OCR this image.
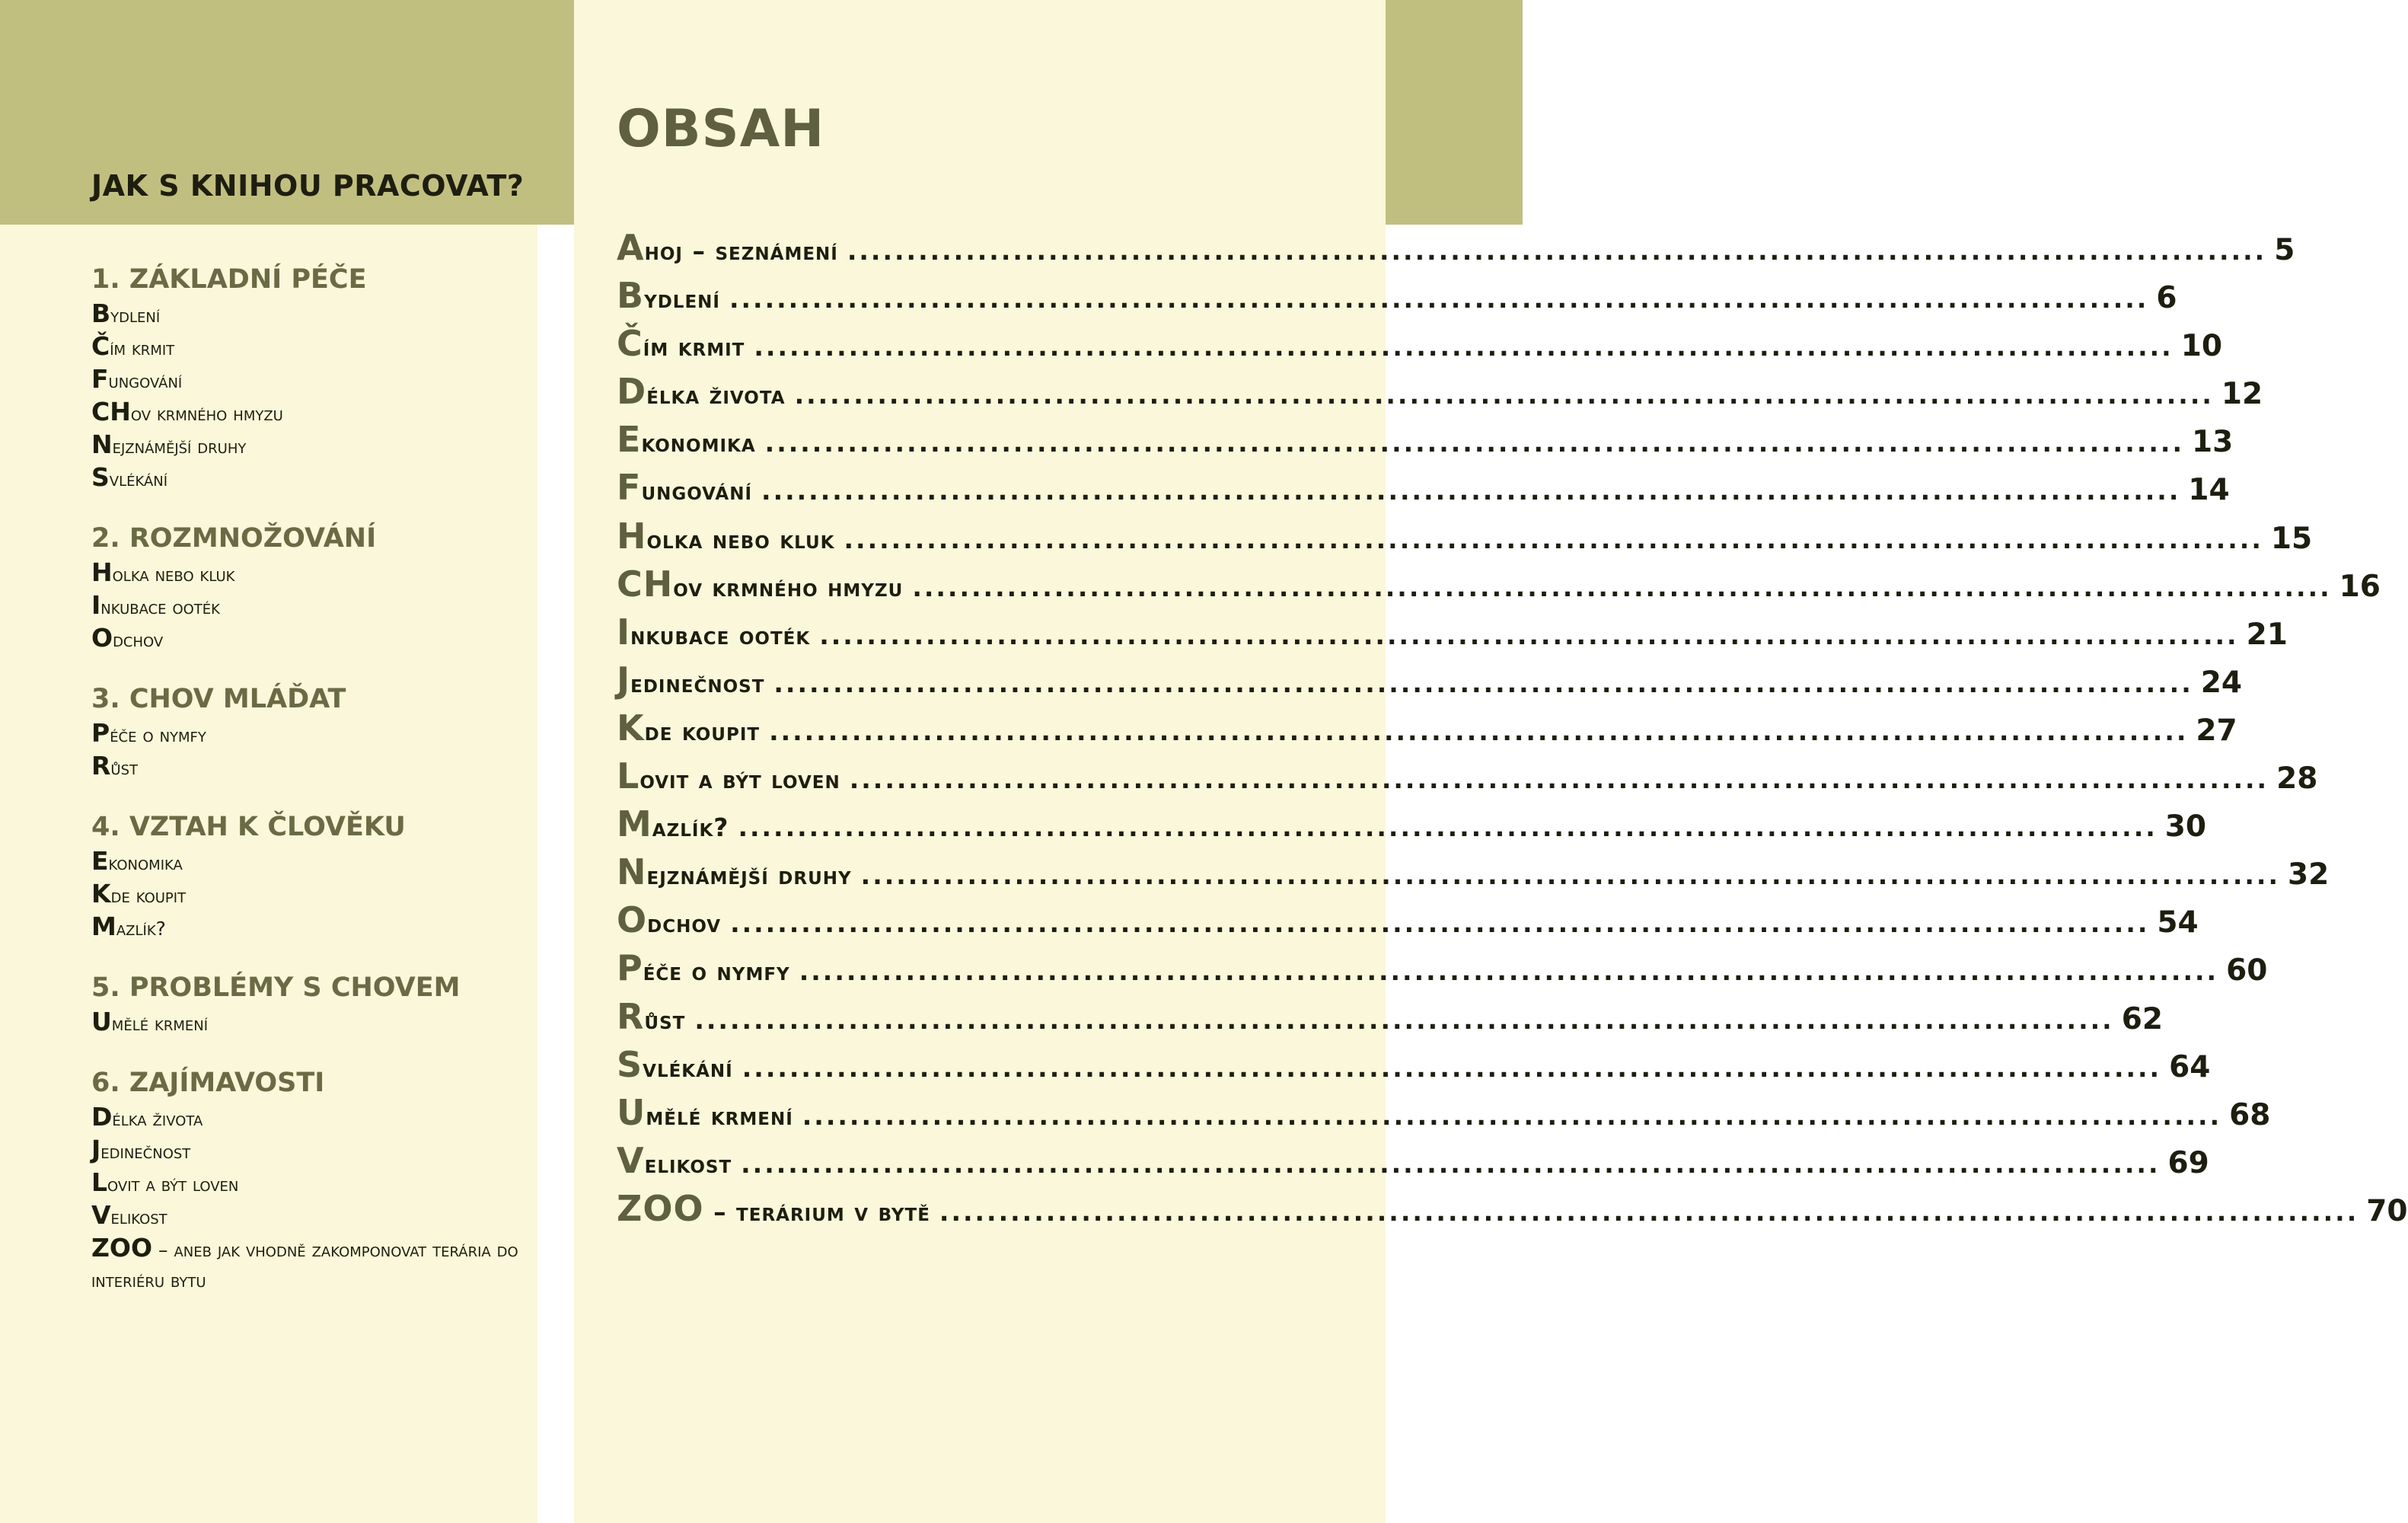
JAK S KNIHOU PRACOVAT?
1. ZÁKLADNÍ PÉČE
Bydlení
Čím krmit
Fungování
CHov krmného hmyzu
Nejznámější druhy
Svlékání
2. ROZMNOŽOVÁNÍ
Holka nebo kluk
Inkubace ooték
Odchov
3. CHOV MLÁĎAT
Péče o nymfy
Růst
4. VZTAH K ČLOVĚKU
Ekonomika
Kde koupit
Mazlík?
5. PROBLÉMY S CHOVEM
Umělé krmení
6. ZAJÍMAVOSTI
Délka života
Jedinečnost
Lovit a být loven
Velikost
ZOO – aneb jak vhodně zakomponovat terária do interiéru bytu
OBSAH
Ahoj – seznámení ........................................................................................................................ 5
Bydlení ........................................................................................................................ 6
Čím krmit ........................................................................................................................ 10
Délka života ........................................................................................................................ 12
Ekonomika ........................................................................................................................ 13
Fungování ........................................................................................................................ 14
Holka nebo kluk ........................................................................................................................ 15
CHov krmného hmyzu ........................................................................................................................ 16
Inkubace ooték ........................................................................................................................ 21
Jedinečnost ........................................................................................................................ 24
Kde koupit ........................................................................................................................ 27
Lovit a být loven ........................................................................................................................ 28
Mazlík? ........................................................................................................................ 30
Nejznámější druhy ........................................................................................................................ 32
Odchov ........................................................................................................................ 54
Péče o nymfy ........................................................................................................................ 60
Růst ........................................................................................................................ 62
Svlékání ........................................................................................................................ 64
Umělé krmení ........................................................................................................................ 68
Velikost ........................................................................................................................ 69
ZOO – terárium v bytě ........................................................................................................................ 70
